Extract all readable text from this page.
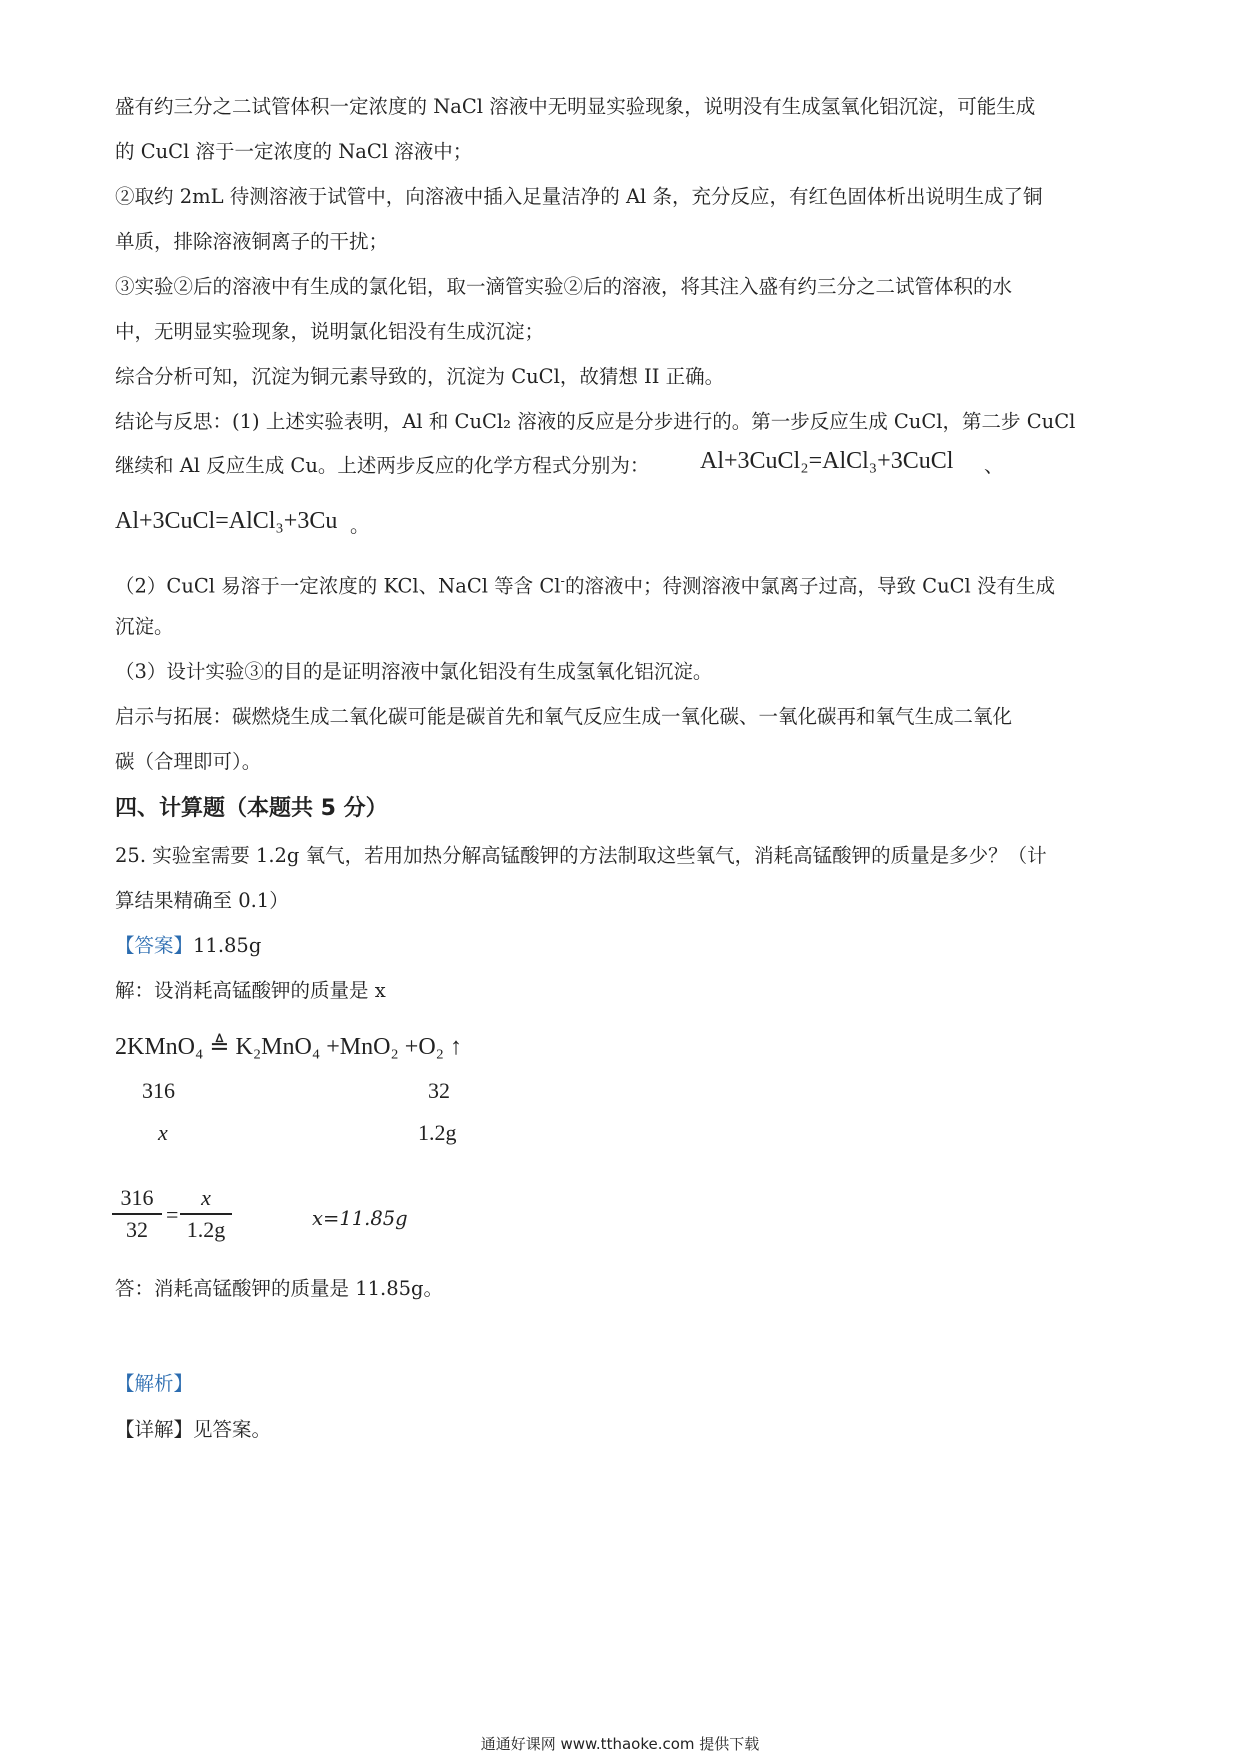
盛有约三分之二试管体积一定浓度的 NaCl 溶液中无明显实验现象，说明没有生成氢氧化铝沉淀，可能生成
的 CuCl 溶于一定浓度的 NaCl 溶液中；
②取约 2mL 待测溶液于试管中，向溶液中插入足量洁净的 Al 条，充分反应，有红色固体析出说明生成了铜
单质，排除溶液铜离子的干扰；
③实验②后的溶液中有生成的氯化铝，取一滴管实验②后的溶液，将其注入盛有约三分之二试管体积的水
中，无明显实验现象，说明氯化铝没有生成沉淀；
综合分析可知，沉淀为铜元素导致的，沉淀为 CuCl，故猜想 II 正确。
结论与反思：(1) 上述实验表明，Al 和 CuCl₂ 溶液的反应是分步进行的。第一步反应生成 CuCl，第二步 CuCl
继续和 Al 反应生成 Cu。上述两步反应的化学方程式分别为：	Al+3CuCl₂=AlCl₃+3CuCl 、
Al+3CuCl=AlCl₃+3Cu 。
（2）CuCl 易溶于一定浓度的 KCl、NaCl 等含 Cl-的溶液中；待测溶液中氯离子过高，导致 CuCl 没有生成
沉淀。
（3）设计实验③的目的是证明溶液中氯化铝没有生成氢氧化铝沉淀。
启示与拓展：碳燃烧生成二氧化碳可能是碳首先和氧气反应生成一氧化碳、一氧化碳再和氧气生成二氧化
碳（合理即可）。
四、计算题（本题共 5 分）
25. 实验室需要 1.2g 氧气，若用加热分解高锰酸钾的方法制取这些氧气，消耗高锰酸钾的质量是多少？（计
算结果精确至 0.1）
【答案】11.85g
解：设消耗高锰酸钾的质量是 x
2KMnO₄ ≜ K₂MnO₄ +MnO₂ +O₂ ↑
316	32
x	1.2g
316
32
=
x
1.2g	x=11.85g
答：消耗高锰酸钾的质量是 11.85g。
【解析】
【详解】见答案。
通通好课网 www.tthaoke.com 提供下载
